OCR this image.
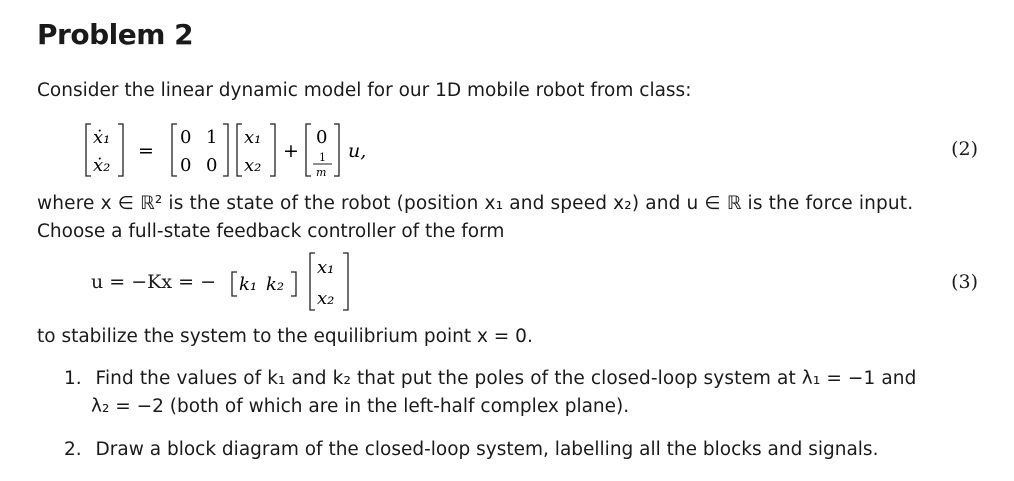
Problem 2
Consider the linear dynamic model for our 1D mobile robot from class:
ẋ₁
ẋ₂
=
0 1
0 0
x₁
x₂
+
0
1
m
u,	(2)
where x ∈ ℝ² is the state of the robot (position x₁ and speed x₂) and u ∈ ℝ is the force input.
Choose a full-state feedback controller of the form
u = −Kx = − k₁ k₂
x₁
x₂
(3)
to stabilize the system to the equilibrium point x = 0.
1. Find the values of k₁ and k₂ that put the poles of the closed-loop system at λ₁ = −1 and
λ₂ = −2 (both of which are in the left-half complex plane).
2. Draw a block diagram of the closed-loop system, labelling all the blocks and signals.
